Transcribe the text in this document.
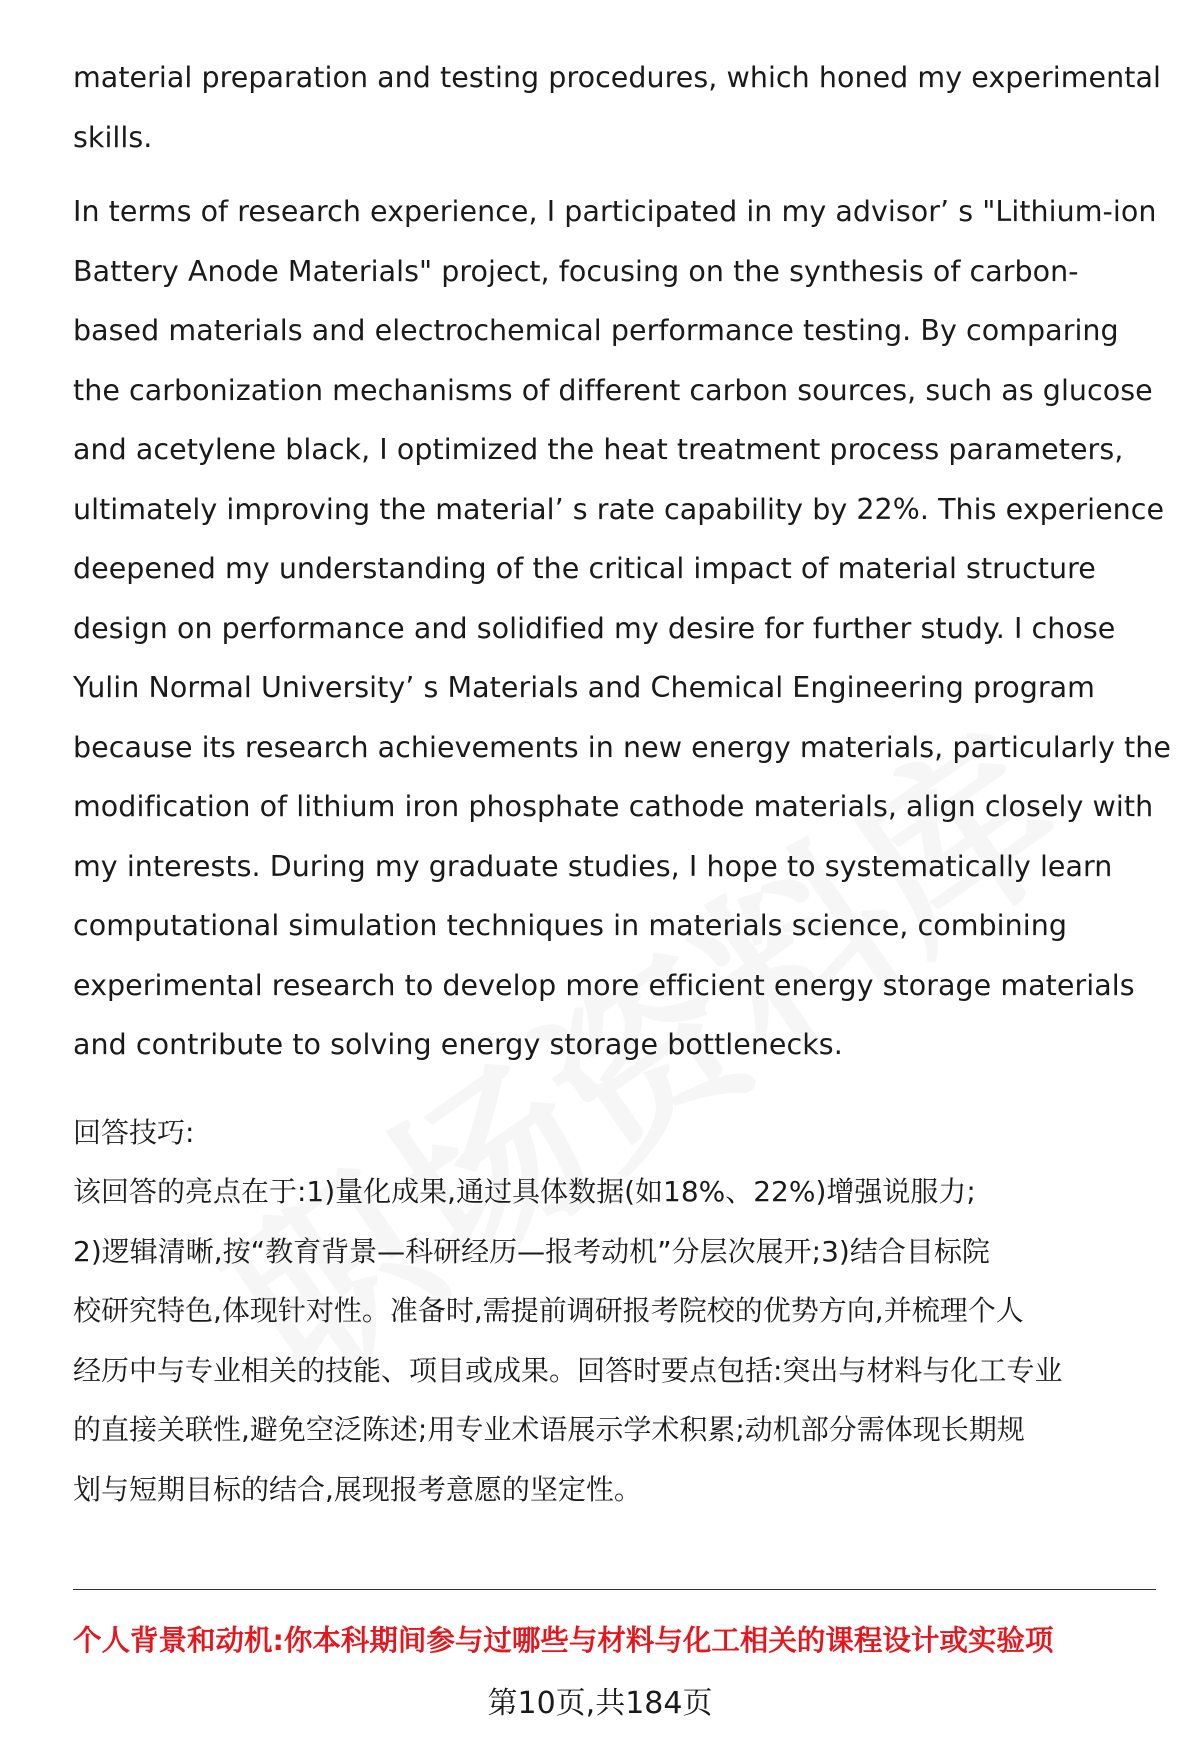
material preparation and testing procedures, which honed my experimental
skills.

In terms of research experience, I participated in my advisor’ s "Lithium-ion
Battery Anode Materials" project, focusing on the synthesis of carbon-
based materials and electrochemical performance testing. By comparing
the carbonization mechanisms of different carbon sources, such as glucose
and acetylene black, I optimized the heat treatment process parameters,
ultimately improving the material’ s rate capability by 22%. This experience
deepened my understanding of the critical impact of material structure
design on performance and solidified my desire for further study. I chose
Yulin Normal University’ s Materials and Chemical Engineering program
because its research achievements in new energy materials, particularly the
modification of lithium iron phosphate cathode materials, align closely with
my interests. During my graduate studies, I hope to systematically learn
computational simulation techniques in materials science, combining
experimental research to develop more efficient energy storage materials
and contribute to solving energy storage bottlenecks.

回答技巧:

该回答的亮点在于:1)量化成果,通过具体数据(如18%、22%)增强说服力;
2)逻辑清晰,按“教育背景—科研经历—报考动机”分层次展开;3)结合目标院
校研究特色,体现针对性。准备时,需提前调研报考院校的优势方向,并梳理个人
经历中与专业相关的技能、项目或成果。回答时要点包括:突出与材料与化工专业
的直接关联性,避免空泛陈述;用专业术语展示学术积累;动机部分需体现长期规
划与短期目标的结合,展现报考意愿的坚定性。

个人背景和动机:你本科期间参与过哪些与材料与化工相关的课程设计或实验项
第10页,共184页
